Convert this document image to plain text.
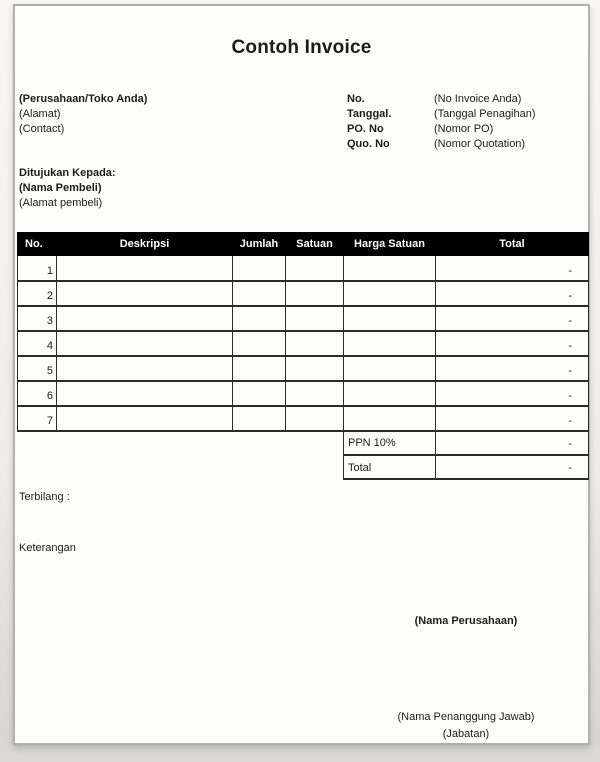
Contoh Invoice
(Perusahaan/Toko Anda)
(Alamat)
(Contact)
No.	(No Invoice Anda)
Tanggal.	(Tanggal Penagihan)
PO. No	(Nomor PO)
Quo. No	(Nomor Quotation)
Ditujukan Kepada:
(Nama Pembeli)
(Alamat pembeli)
No.	Deskripsi	Jumlah	Satuan	Harga Satuan	Total
1					-
2					-
3					-
4					-
5					-
6					-
7					-
PPN 10%	-
Total	-
Terbilang :
Keterangan
(Nama Perusahaan)
(Nama Penanggung Jawab)
(Jabatan)
